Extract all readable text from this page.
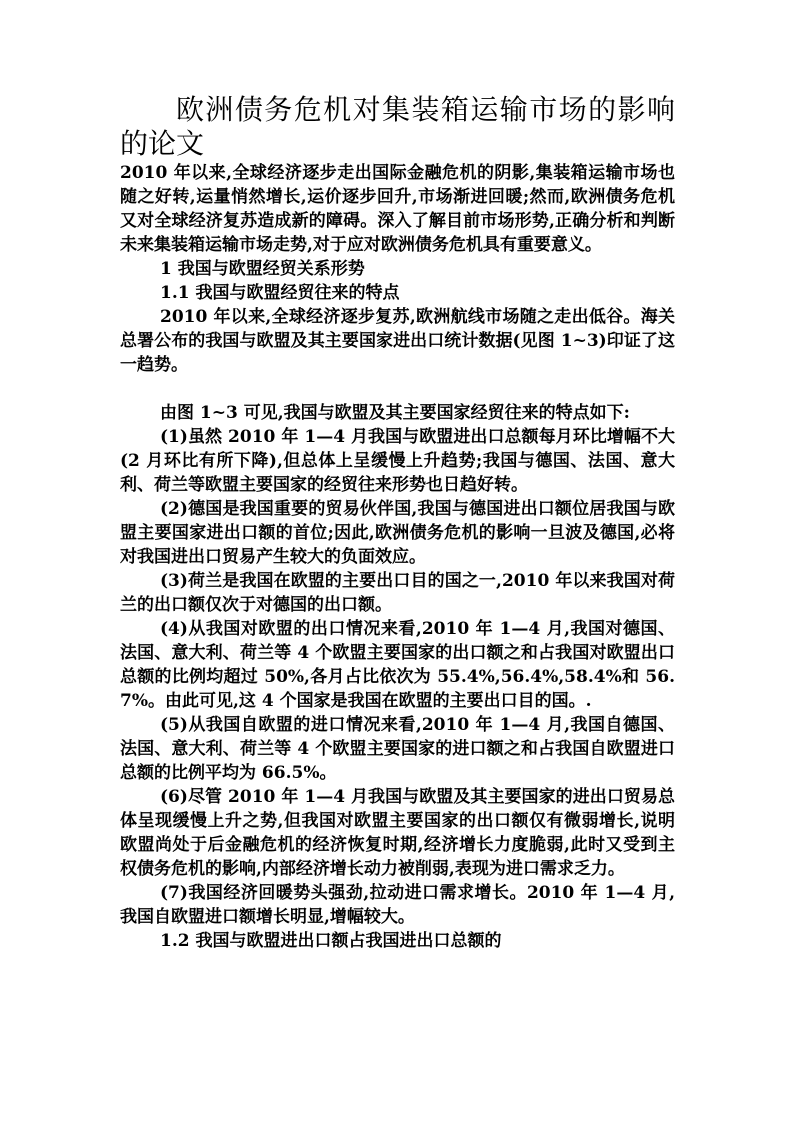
欧洲债务危机对集装箱运输市场的影响的论文

2010 年以来,全球经济逐步走出国际金融危机的阴影,集装箱运输市场也随之好转,运量悄然增长,运价逐步回升,市场渐进回暖;然而,欧洲债务危机又对全球经济复苏造成新的障碍。深入了解目前市场形势,正确分析和判断未来集装箱运输市场走势,对于应对欧洲债务危机具有重要意义。

1 我国与欧盟经贸关系形势

1.1 我国与欧盟经贸往来的特点

2010 年以来,全球经济逐步复苏,欧洲航线市场随之走出低谷。海关总署公布的我国与欧盟及其主要国家进出口统计数据(见图 1~3)印证了这一趋势。

由图 1~3 可见,我国与欧盟及其主要国家经贸往来的特点如下:

(1)虽然 2010 年 1—4 月我国与欧盟进出口总额每月环比增幅不大(2 月环比有所下降),但总体上呈缓慢上升趋势;我国与德国、法国、意大利、荷兰等欧盟主要国家的经贸往来形势也日趋好转。

(2)德国是我国重要的贸易伙伴国,我国与德国进出口额位居我国与欧盟主要国家进出口额的首位;因此,欧洲债务危机的影响一旦波及德国,必将对我国进出口贸易产生较大的负面效应。

(3)荷兰是我国在欧盟的主要出口目的国之一,2010 年以来我国对荷兰的出口额仅次于对德国的出口额。

(4)从我国对欧盟的出口情况来看,2010 年 1—4 月,我国对德国、法国、意大利、荷兰等 4 个欧盟主要国家的出口额之和占我国对欧盟出口总额的比例均超过 50%,各月占比依次为 55.4%,56.4%,58.4%和 56.7%。由此可见,这 4 个国家是我国在欧盟的主要出口目的国。.

(5)从我国自欧盟的进口情况来看,2010 年 1—4 月,我国自德国、法国、意大利、荷兰等 4 个欧盟主要国家的进口额之和占我国自欧盟进口总额的比例平均为 66.5%。

(6)尽管 2010 年 1—4 月我国与欧盟及其主要国家的进出口贸易总体呈现缓慢上升之势,但我国对欧盟主要国家的出口额仅有微弱增长,说明欧盟尚处于后金融危机的经济恢复时期,经济增长力度脆弱,此时又受到主权债务危机的影响,内部经济增长动力被削弱,表现为进口需求乏力。

(7)我国经济回暖势头强劲,拉动进口需求增长。2010 年 1—4 月,我国自欧盟进口额增长明显,增幅较大。

1.2 我国与欧盟进出口额占我国进出口总额的
